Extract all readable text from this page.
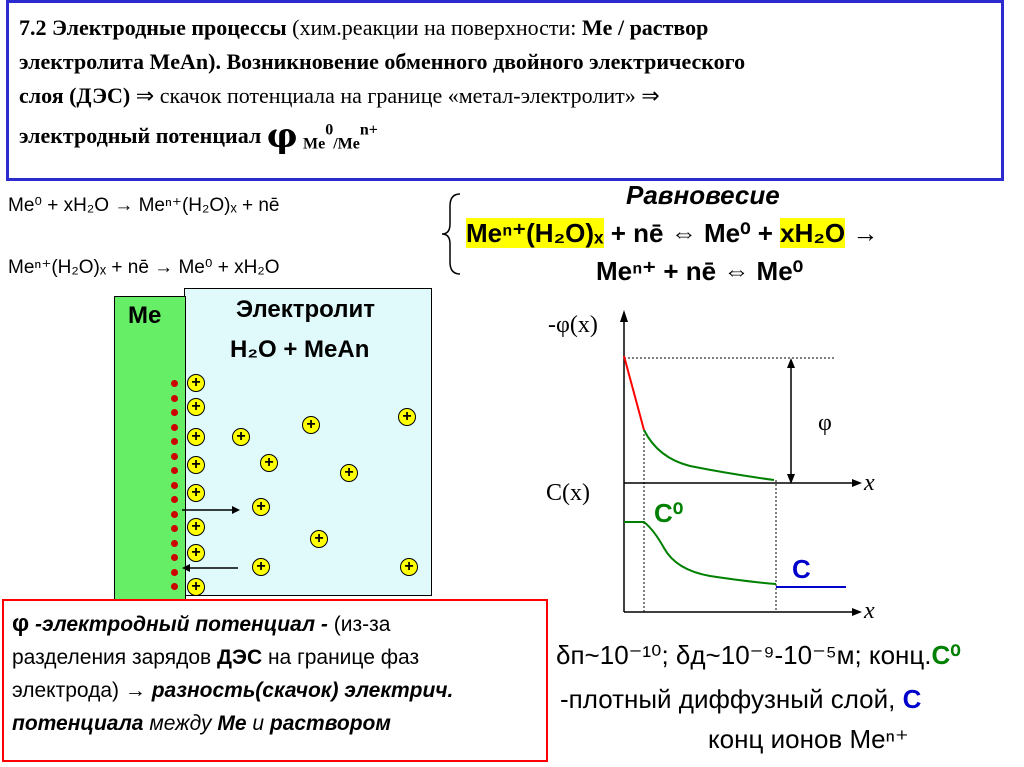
7.2 Электродные процессы (хим.реакции на поверхности: Me / раствор
электролита MeAn). Возникновение обменного двойного электрического
слоя (ДЭС) ⇒ скачок потенциала на границе «метал-электролит» ⇒
электродный потенциал φ $_{Me}^0_{/Me}^{n+}$
Me⁰ + xH₂O → Meⁿ⁺(H₂O)ₓ + nē
Meⁿ⁺(H₂O)ₓ + nē → Me⁰ + xH₂O
Равновесие
Meⁿ⁺(H₂O)ₓ + nē ⇔ Me⁰ + xH₂O →
Meⁿ⁺ + nē ⇔ Me⁰
Me	Электролит
H₂O + MeAn
+
+
+
+
+
+
+
+
+
+
+
+
+
+
+
+	+
-φ(x)
φ
x
C(x)
C⁰
C
x
φ -электродный потенциал - (из-за
разделения зарядов ДЭС на границе фаз
электрода) → разность(скачок) электрич.
потенциала между Me и раствором
δп~10⁻¹⁰; δд~10⁻⁹-10⁻⁵м; конц.C⁰
-плотный диффузный слой, C
конц ионов Meⁿ⁺
